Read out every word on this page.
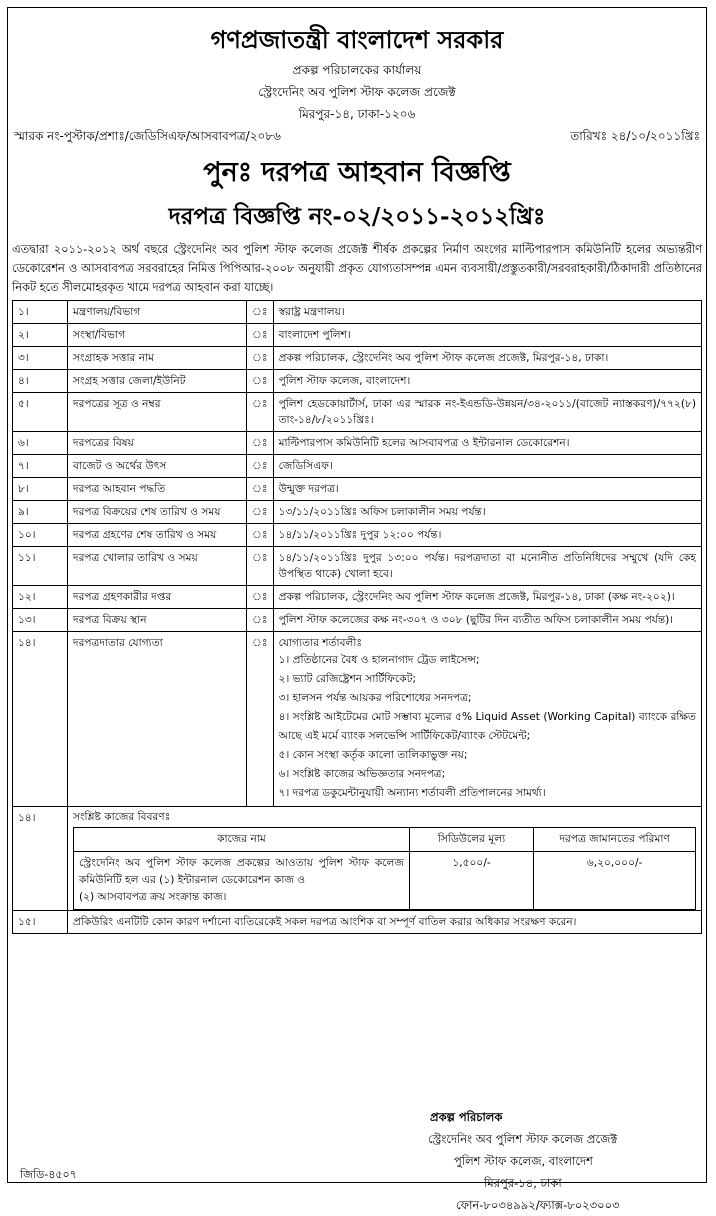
গণপ্রজাতন্ত্রী বাংলাদেশ সরকার
প্রকল্প পরিচালকের কার্যালয়
স্ট্রেংদেনিং অব পুলিশ স্টাফ কলেজ প্রজেক্ট
মিরপুর-১৪, ঢাকা-১২০৬
স্মারক নং-পুস্টাক/প্রশাঃ/জেডিসিএফ/আসবাবপত্র/২০৮৬	তারিখঃ ২৪/১০/২০১১খ্রিঃ
পুনঃ দরপত্র আহবান বিজ্ঞপ্তি
দরপত্র বিজ্ঞপ্তি নং-০২/২০১১-২০১২খ্রিঃ
এতদ্বারা ২০১১-২০১২ অর্থ বছরে স্ট্রেংদেনিং অব পুলিশ স্টাফ কলেজ প্রজেক্ট শীর্ষক প্রকল্পের নির্মাণ অংগের মাল্টিপারপাস কমিউনিটি হলের অভ্যন্তরীণ ডেকোরেশন ও আসবাবপত্র সরবরাহের নিমিত্ত পিপিআর-২০০৮ অনুযায়ী প্রকৃত যোগ্যতাসম্পন্ন এমন ব্যবসায়ী/প্রস্তুতকারী/সরবরাহকারী/ঠিকাদারী প্রতিষ্ঠানের নিকট হতে সীলমোহরকৃত খামে দরপত্র আহবান করা যাচ্ছে।
১।	মন্ত্রণালয়/বিভাগ	ঃ	স্বরাষ্ট্র মন্ত্রণালয়।
২।	সংস্থা/বিভাগ	ঃ	বাংলাদেশ পুলিশ।
৩।	সংগ্রাহক সত্তার নাম	ঃ	প্রকল্প পরিচালক, স্ট্রেংদেনিং অব পুলিশ স্টাফ কলেজ প্রজেক্ট, মিরপুর-১৪, ঢাকা।
৪।	সংগ্রহ সত্তার জেলা/ইউনিট	ঃ	পুলিশ স্টাফ কলেজ, বাংলাদেশ।
৫।	দরপত্রের সূত্র ও নম্বর	ঃ	পুলিশ হেডকোয়ার্টার্স, ঢাকা এর স্মারক নং-ইএন্ডডি-উন্নয়ন/৩৪-২০১১/(বাজেট ন্যাস্তকরণ)/৭৭২(৮) তাং-১৪/৮/২০১১খ্রিঃ।
৬।	দরপত্রের বিষয়	ঃ	মাল্টিপারপাস কমিউনিটি হলের আসবাবপত্র ও ইন্টারনাল ডেকোরেশন।
৭।	বাজেট ও অর্থের উৎস	ঃ	জেডিসিএফ।
৮।	দরপত্র আহবান পদ্ধতি	ঃ	উন্মুক্ত দরপত্র।
৯।	দরপত্র বিক্রয়ের শেষ তারিখ ও সময়	ঃ	১৩/১১/২০১১খ্রিঃ অফিস চলাকালীন সময় পর্যন্ত।
১০।	দরপত্র গ্রহণের শেষ তারিখ ও সময়	ঃ	১৪/১১/২০১১খ্রিঃ দুপুর ১২:০০ পর্যন্ত।
১১।	দরপত্র খোলার তারিখ ও সময়	ঃ	১৪/১১/২০১১খ্রিঃ দুপুর ১৩:০০ পর্যন্ত। দরপত্রদাতা বা মনোনীত প্রতিনিধিদের সম্মুখে (যদি কেহ উপস্থিত থাকে) খোলা হবে।
১২।	দরপত্র গ্রহণকারীর দপ্তর	ঃ	প্রকল্প পরিচালক, স্ট্রেংদেনিং অব পুলিশ স্টাফ কলেজ প্রজেক্ট, মিরপুর-১৪, ঢাকা (কক্ষ নং-২০২)।
১৩।	দরপত্র বিক্রয় স্থান	ঃ	পুলিশ স্টাফ কলেজের কক্ষ নং-৩০৭ ও ৩০৮ (ছুটির দিন ব্যতীত অফিস চলাকালীন সময় পর্যন্ত)।
১৪।	দরপত্রদাতার যোগ্যতা	ঃ	যোগ্যতার শর্তাবলীঃ
১। প্রতিষ্ঠানের বৈধ ও হালনাগাদ ট্রেড লাইসেন্স;
২। ভ্যাট রেজিষ্ট্রেশন সার্টিফিকেট;
৩। হালসন পর্যন্ত আয়কর পরিশোধের সনদপত্র;
৪। সংশ্লিষ্ট আইটেমের মোট সম্ভাব্য মূল্যের ৫% Liquid Asset (Working Capital) ব্যাংকে রক্ষিত আছে এই মর্মে ব্যাংক সলভেন্সি সার্টিফিকেট/ব্যাংক স্টেটমেন্ট;
৫। কোন সংস্থা কর্তৃক কালো তালিকাভুক্ত নয়;
৬। সংশ্লিষ্ট কাজের অভিজ্ঞতার সনদপত্র;
৭। দরপত্র ডকুমেন্টানুযায়ী অন্যান্য শর্তাবলী প্রতিপালনের সামর্থ্য।

১৪।	সংশ্লিষ্ট কাজের বিবরণঃ
কাজের নাম	সিডিউলের মূল্য	দরপত্র জামানতের পরিমাণ

স্ট্রেংদেনিং অব পুলিশ স্টাফ কলেজ প্রকল্পের আওতায় পুলিশ স্টাফ কলেজ কমিউনিটি হল এর (১) ইন্টারনাল ডেকোরেশন কাজ ও
(২) আসবাবপত্র ক্রয় সংক্রান্ত কাজ।
	১,৫০০/-	৬,২০,০০০/-

১৫।	প্রকিউরিং এনটিটি কোন কারণ দর্শানো ব্যতিরেকেই সকল দরপত্র আংশিক বা সম্পূর্ণ বাতিল করার অধিকার সংরক্ষণ করেন।
প্রকল্প পরিচালক
স্ট্রেংদেনিং অব পুলিশ স্টাফ কলেজ প্রজেক্ট
পুলিশ স্টাফ কলেজ, বাংলাদেশ
মিরপুর-১৪, ঢাকা
ফোন-৮০৩৪৯৯২/ফ্যাক্স-৮০২৩০০৩
জিডি-৪৫০৭
